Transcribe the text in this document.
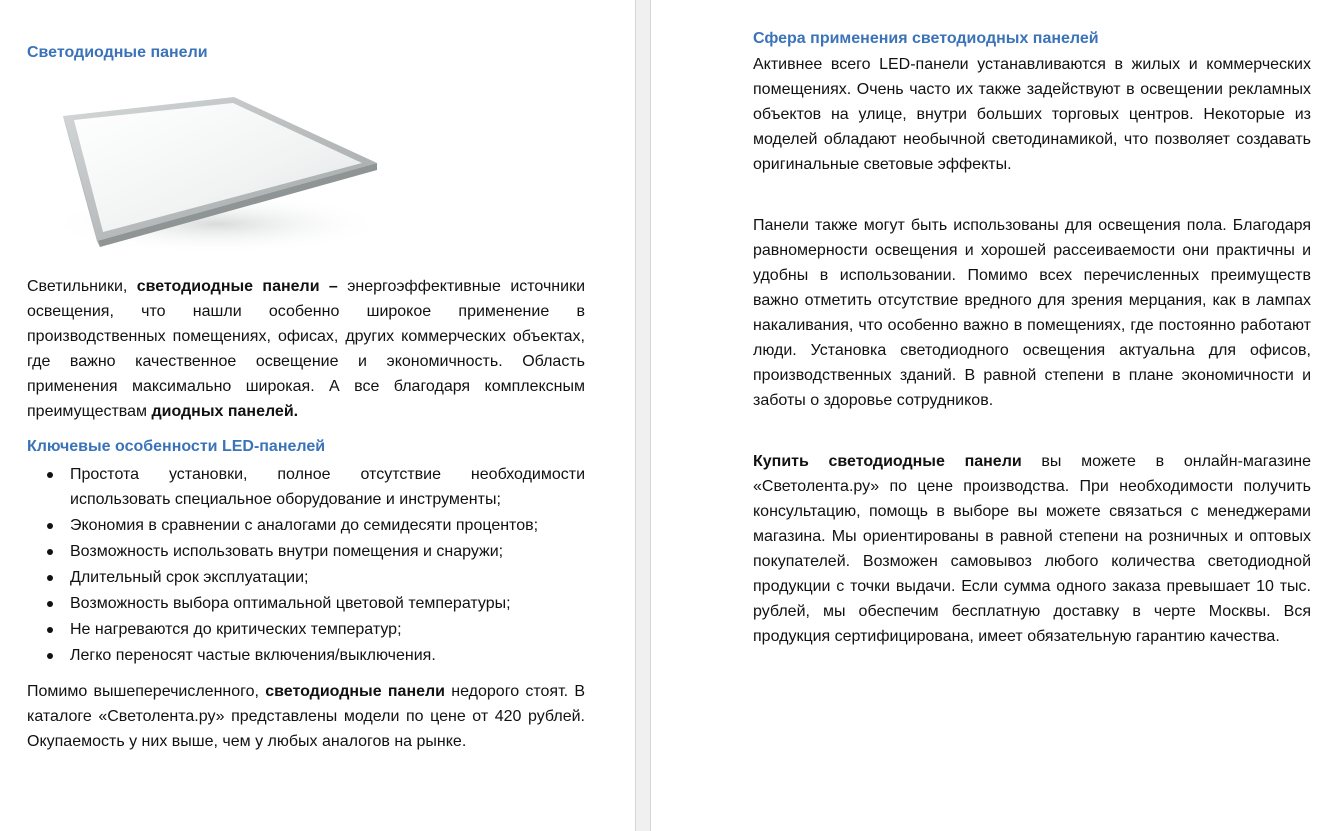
Светодиодные панели

Светильники, светодиодные панели – энергоэффективные источники освещения, что нашли особенно широкое применение в производственных помещениях, офисах, других коммерческих объектах, где важно качественное освещение и экономичность. Область применения максимально широкая. А все благодаря комплексным преимуществам диодных панелей.

Ключевые особенности LED-панелей
Простота установки, полное отсутствие необходимости использовать специальное оборудование и инструменты;
Экономия в сравнении с аналогами до семидесяти процентов;
Возможность использовать внутри помещения и снаружи;
Длительный срок эксплуатации;
Возможность выбора оптимальной цветовой температуры;
Не нагреваются до критических температур;
Легко переносят частые включения/выключения.

Помимо вышеперечисленного, светодиодные панели недорого стоят. В каталоге «Светолента.ру» представлены модели по цене от 420 рублей. Окупаемость у них выше, чем у любых аналогов на рынке.

Сфера применения светодиодных панелей

Активнее всего LED-панели устанавливаются в жилых и коммерческих помещениях. Очень часто их также задействуют в освещении рекламных объектов на улице, внутри больших торговых центров. Некоторые из моделей обладают необычной светодинамикой, что позволяет создавать оригинальные световые эффекты.

Панели также могут быть использованы для освещения пола. Благодаря равномерности освещения и хорошей рассеиваемости они практичны и удобны в использовании. Помимо всех перечисленных преимуществ важно отметить отсутствие вредного для зрения мерцания, как в лампах накаливания, что особенно важно в помещениях, где постоянно работают люди. Установка светодиодного освещения актуальна для офисов, производственных зданий. В равной степени в плане экономичности и заботы о здоровье сотрудников.

Купить светодиодные панели вы можете в онлайн-магазине «Светолента.ру» по цене производства. При необходимости получить консультацию, помощь в выборе вы можете связаться с менеджерами магазина. Мы ориентированы в равной степени на розничных и оптовых покупателей. Возможен самовывоз любого количества светодиодной продукции с точки выдачи. Если сумма одного заказа превышает 10 тыс. рублей, мы обеспечим бесплатную доставку в черте Москвы. Вся продукция сертифицирована, имеет обязательную гарантию качества.
